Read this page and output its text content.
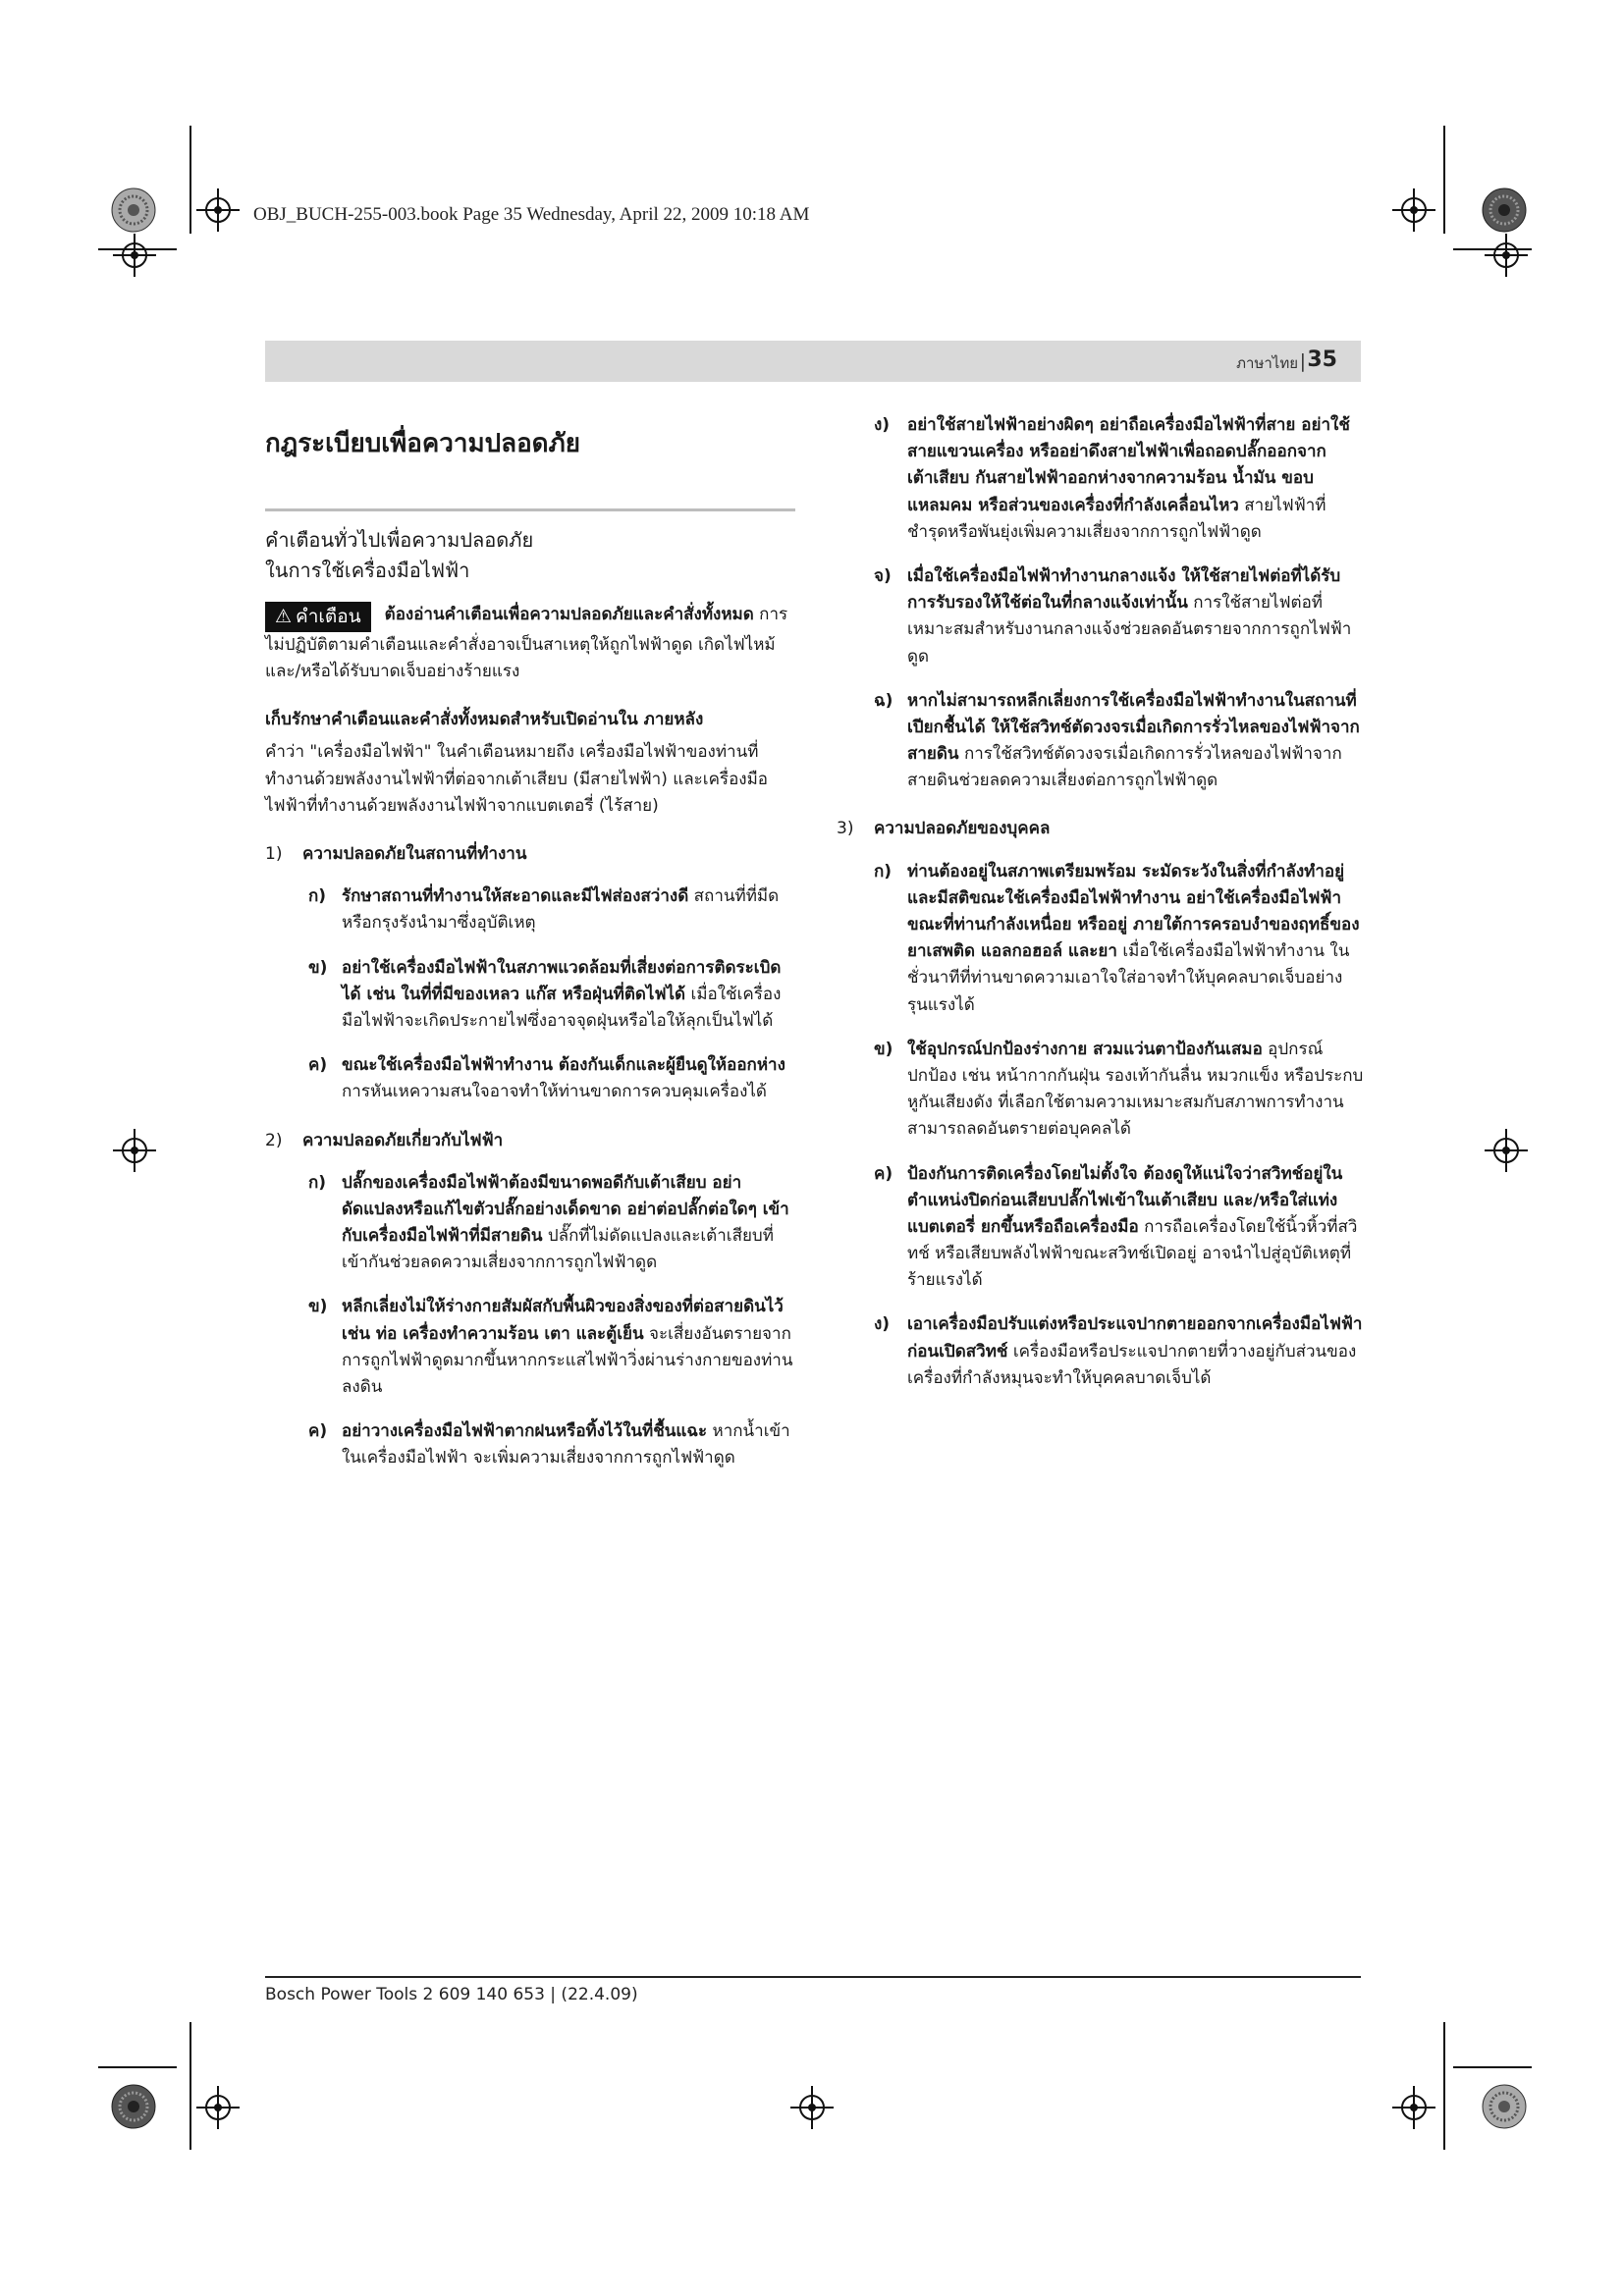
OBJ_BUCH-255-003.book Page 35 Wednesday, April 22, 2009 10:18 AM
ภาษาไทย | 35
กฎระเบียบเพื่อความปลอดภัย
คำเตือนทั่วไปเพื่อความปลอดภัย
ในการใช้เครื่องมือไฟฟ้า
⚠ คำเตือน ต้องอ่านคำเตือนเพื่อความปลอดภัยและคำสั่งทั้งหมด การไม่ปฏิบัติตามคำเตือนและคำสั่งอาจเป็นสาเหตุให้ถูกไฟฟ้าดูด เกิดไฟไหม้ และ/หรือได้รับบาดเจ็บอย่างร้ายแรง
เก็บรักษาคำเตือนและคำสั่งทั้งหมดสำหรับเปิดอ่านใน ภายหลัง

คำว่า "เครื่องมือไฟฟ้า" ในคำเตือนหมายถึง เครื่องมือไฟฟ้าของท่านที่ทำงานด้วยพลังงานไฟฟ้าที่ต่อจากเต้าเสียบ (มีสายไฟฟ้า) และเครื่องมือไฟฟ้าที่ทำงานด้วยพลังงานไฟฟ้าจากแบตเตอรี่ (ไร้สาย)

1) ความปลอดภัยในสถานที่ทำงาน
ก) รักษาสถานที่ทำงานให้สะอาดและมีไฟส่องสว่างดี สถานที่ที่มีดหรือกรุงรังนำมาซึ่งอุบัติเหตุ
ข) อย่าใช้เครื่องมือไฟฟ้าในสภาพแวดล้อมที่เสี่ยงต่อการติดระเบิดได้ เช่น ในที่ที่มีของเหลว แก๊ส หรือฝุ่นที่ติดไฟได้ เมื่อใช้เครื่องมือไฟฟ้าจะเกิดประกายไฟซึ่งอาจจุดฝุ่นหรือไอให้ลุกเป็นไฟได้
ค) ขณะใช้เครื่องมือไฟฟ้าทำงาน ต้องกันเด็กและผู้ยืนดูให้ออกห่าง การหันเหความสนใจอาจทำให้ท่านขาดการควบคุมเครื่องได้
2) ความปลอดภัยเกี่ยวกับไฟฟ้า
ก) ปลั๊กของเครื่องมือไฟฟ้าต้องมีขนาดพอดีกับเต้าเสียบ อย่าดัดแปลงหรือแก้ไขตัวปลั๊กอย่างเด็ดขาด อย่าต่อปลั๊กต่อใดๆ เข้ากับเครื่องมือไฟฟ้าที่มีสายดิน ปลั๊กที่ไม่ดัดแปลงและเต้าเสียบที่เข้ากันช่วยลดความเสี่ยงจากการถูกไฟฟ้าดูด
ข) หลีกเลี่ยงไม่ให้ร่างกายสัมผัสกับพื้นผิวของสิ่งของที่ต่อสายดินไว้ เช่น ท่อ เครื่องทำความร้อน เตา และตู้เย็น จะเสี่ยงอันตรายจากการถูกไฟฟ้าดูดมากขึ้นหากกระแสไฟฟ้าวิ่งผ่านร่างกายของท่านลงดิน
ค) อย่าวางเครื่องมือไฟฟ้าตากฝนหรือทิ้งไว้ในที่ชื้นแฉะ หากน้ำเข้าในเครื่องมือไฟฟ้า จะเพิ่มความเสี่ยงจากการถูกไฟฟ้าดูด
ง) อย่าใช้สายไฟฟ้าอย่างผิดๆ อย่าถือเครื่องมือไฟฟ้าที่สาย อย่าใช้สายแขวนเครื่อง หรืออย่าดึงสายไฟฟ้าเพื่อถอดปลั๊กออกจากเต้าเสียบ กันสายไฟฟ้าออกห่างจากความร้อน น้ำมัน ขอบแหลมคม หรือส่วนของเครื่องที่กำลังเคลื่อนไหว สายไฟฟ้าที่ชำรุดหรือพันยุ่งเพิ่มความเสี่ยงจากการถูกไฟฟ้าดูด
จ) เมื่อใช้เครื่องมือไฟฟ้าทำงานกลางแจ้ง ให้ใช้สายไฟต่อที่ได้รับการรับรองให้ใช้ต่อในที่กลางแจ้งเท่านั้น การใช้สายไฟต่อที่เหมาะสมสำหรับงานกลางแจ้งช่วยลดอันตรายจากการถูกไฟฟ้าดูด
ฉ) หากไม่สามารถหลีกเลี่ยงการใช้เครื่องมือไฟฟ้าทำงานในสถานที่เปียกชื้นได้ ให้ใช้สวิทช์ตัดวงจรเมื่อเกิดการรั่วไหลของไฟฟ้าจากสายดิน การใช้สวิทช์ตัดวงจรเมื่อเกิดการรั่วไหลของไฟฟ้าจากสายดินช่วยลดความเสี่ยงต่อการถูกไฟฟ้าดูด
3) ความปลอดภัยของบุคคล
ก) ท่านต้องอยู่ในสภาพเตรียมพร้อม ระมัดระวังในสิ่งที่กำลังทำอยู่ และมีสติขณะใช้เครื่องมือไฟฟ้าทำงาน อย่าใช้เครื่องมือไฟฟ้าขณะที่ท่านกำลังเหนื่อย หรืออยู่ ภายใต้การครอบงำของฤทธิ์ของยาเสพติด แอลกอฮอล์ และยา เมื่อใช้เครื่องมือไฟฟ้าทำงาน ในชั่วนาทีที่ท่านขาดความเอาใจใส่อาจทำให้บุคคลบาดเจ็บอย่างรุนแรงได้
ข) ใช้อุปกรณ์ปกป้องร่างกาย สวมแว่นตาป้องกันเสมอ อุปกรณ์ปกป้อง เช่น หน้ากากกันฝุ่น รองเท้ากันลื่น หมวกแข็ง หรือประกบหูกันเสียงดัง ที่เลือกใช้ตามความเหมาะสมกับสภาพการทำงาน สามารถลดอันตรายต่อบุคคลได้
ค) ป้องกันการติดเครื่องโดยไม่ตั้งใจ ต้องดูให้แน่ใจว่าสวิทช์อยู่ในตำแหน่งปิดก่อนเสียบปลั๊กไฟเข้าในเต้าเสียบ และ/หรือใส่แท่งแบตเตอรี่ ยกขึ้นหรือถือเครื่องมือ การถือเครื่องโดยใช้นิ้วหิ้วที่สวิทช์ หรือเสียบพลังไฟฟ้าขณะสวิทช์เปิดอยู่ อาจนำไปสู่อุบัติเหตุที่ร้ายแรงได้
ง) เอาเครื่องมือปรับแต่งหรือประแจปากตายออกจากเครื่องมือไฟฟ้าก่อนเปิดสวิทช์ เครื่องมือหรือประแจปากตายที่วางอยู่กับส่วนของเครื่องที่กำลังหมุนจะทำให้บุคคลบาดเจ็บได้
Bosch Power Tools 2 609 140 653 | (22.4.09)
